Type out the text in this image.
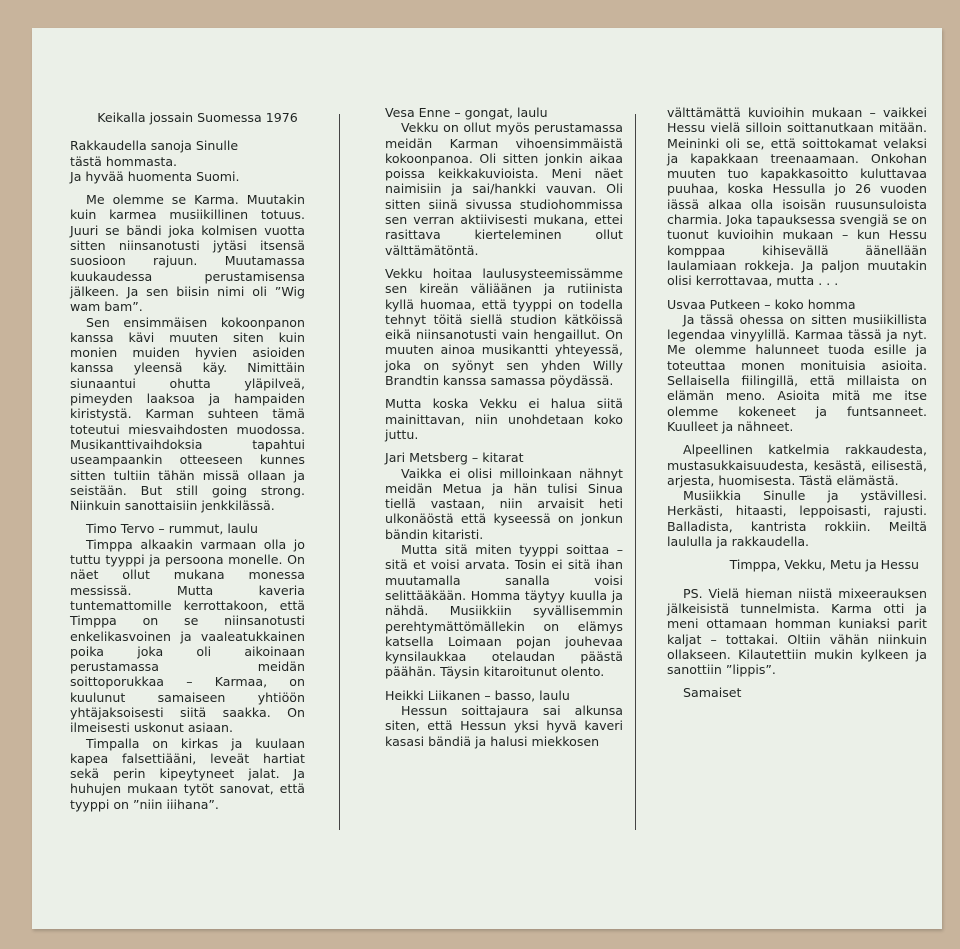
Keikalla jossain Suomessa 1976

Rakkaudella sanoja Sinulle

tästä hommasta.

Ja hyvää huomenta Suomi.

Me olemme se Karma. Muutakin kuin karmea musiikillinen totuus. Juuri se bändi joka kolmisen vuotta sitten niinsanotusti jytäsi itsensä suosioon rajuun. Muutamassa kuukaudessa perustamisensa jälkeen. Ja sen biisin nimi oli ”Wig wam bam”.

Sen ensimmäisen kokoonpanon kanssa kävi muuten siten kuin monien muiden hyvien asioiden kanssa yleensä käy. Nimittäin siunaantui ohutta yläpilveä, pimeyden laaksoa ja hampaiden kiristystä. Karman suhteen tämä toteutui miesvaihdosten muodossa. Musikanttivaihdoksia tapahtui useampaankin otteeseen kunnes sitten tultiin tähän missä ollaan ja seistään. But still going strong. Niinkuin sanottaisiin jenkkilässä.

Timo Tervo – rummut, laulu

Timppa alkaakin varmaan olla jo tuttu tyyppi ja persoona monelle. On näet ollut mukana monessa messissä. Mutta kaveria tuntemattomille kerrottakoon, että Timppa on se niinsanotusti enkelikasvoinen ja vaaleatukkainen poika joka oli aikoinaan perustamassa meidän soittoporukkaa – Karmaa, on kuulunut samaiseen yhtiöön yhtäjaksoisesti siitä saakka. On ilmeisesti uskonut asiaan.

Timpalla on kirkas ja kuulaan kapea falsettiääni, leveät hartiat sekä perin kipeytyneet jalat. Ja huhujen mukaan tytöt sanovat, että tyyppi on ”niin iiihana”.

Vesa Enne – gongat, laulu

Vekku on ollut myös perustamassa meidän Karman vihoensimmäistä kokoonpanoa. Oli sitten jonkin aikaa poissa keikkakuvioista. Meni näet naimisiin ja sai/hankki vauvan. Oli sitten siinä sivussa studiohommissa sen verran aktiivisesti mukana, ettei rasittava kierteleminen ollut välttämätöntä.

Vekku hoitaa laulusysteemissämme sen kireän väliäänen ja rutiinista kyllä huomaa, että tyyppi on todella tehnyt töitä siellä studion kätköissä eikä niinsanotusti vain hengaillut. On muuten ainoa musikantti yhteyessä, joka on syönyt sen yhden Willy Brandtin kanssa samassa pöydässä.

Mutta koska Vekku ei halua siitä mainittavan, niin unohdetaan koko juttu.

Jari Metsberg – kitarat

Vaikka ei olisi milloinkaan nähnyt meidän Metua ja hän tulisi Sinua tiellä vastaan, niin arvaisit heti ulkonäöstä että kyseessä on jonkun bändin kitaristi.

Mutta sitä miten tyyppi soittaa – sitä et voisi arvata. Tosin ei sitä ihan muutamalla sanalla voisi selittääkään. Homma täytyy kuulla ja nähdä. Musiikkiin syvällisemmin perehtymättömällekin on elämys katsella Loimaan pojan jouhevaa kynsilaukkaa otelaudan päästä päähän. Täysin kitaroitunut olento.

Heikki Liikanen – basso, laulu

Hessun soittajaura sai alkunsa siten, että Hessun yksi hyvä kaveri kasasi bändiä ja halusi miekkosen

välttämättä kuvioihin mukaan – vaikkei Hessu vielä silloin soittanutkaan mitään. Meininki oli se, että soittokamat velaksi ja kapakkaan treenaamaan. Onkohan muuten tuo kapakkasoitto kuluttavaa puuhaa, koska Hessulla jo 26 vuoden iässä alkaa olla isoisän ruusunsuloista charmia. Joka tapauksessa svengiä se on tuonut kuvioihin mukaan – kun Hessu komppaa kihisevällä äänellään laulamiaan rokkeja. Ja paljon muutakin olisi kerrottavaa, mutta . . .

Usvaa Putkeen – koko homma

Ja tässä ohessa on sitten musiikillista legendaa vinyylillä. Karmaa tässä ja nyt. Me olemme halunneet tuoda esille ja toteuttaa monen monituisia asioita. Sellaisella fiilingillä, että millaista on elämän meno. Asioita mitä me itse olemme kokeneet ja funtsanneet. Kuulleet ja nähneet.

Alpeellinen katkelmia rakkaudesta, mustasukkaisuudesta, kesästä, eilisestä, arjesta, huomisesta. Tästä elämästä.

Musiikkia Sinulle ja ystävillesi. Herkästi, hitaasti, leppoisasti, rajusti. Balladista, kantrista rokkiin. Meiltä laululla ja rakkaudella.

Timppa, Vekku, Metu ja Hessu

PS. Vielä hieman niistä mixeerauksen jälkeisistä tunnelmista. Karma otti ja meni ottamaan homman kuniaksi parit kaljat – tottakai. Oltiin vähän niinkuin ollakseen. Kilautettiin mukin kylkeen ja sanottiin ”lippis”.

Samaiset
